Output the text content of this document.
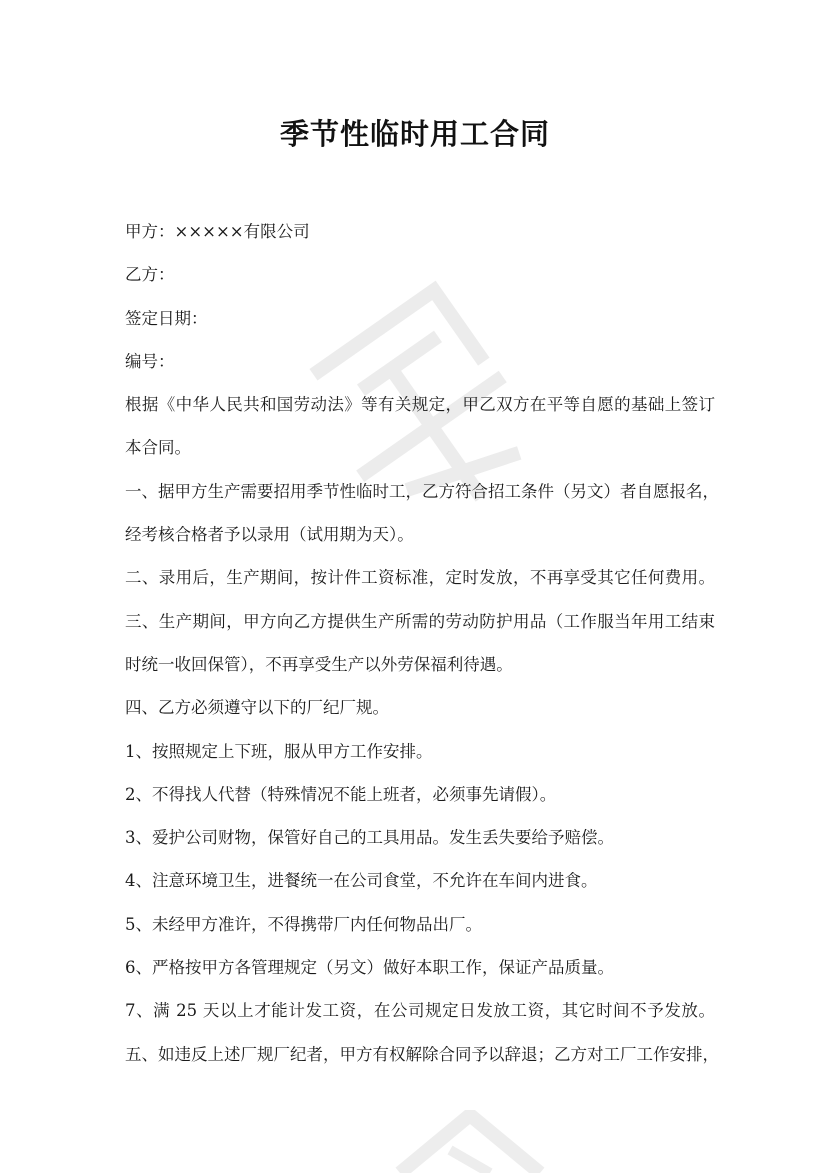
季节性临时用工合同
甲方：×××××有限公司
乙方：
签定日期：
编号：
根据《中华人民共和国劳动法》等有关规定，甲乙双方在平等自愿的基础上签订
本合同。
一、据甲方生产需要招用季节性临时工，乙方符合招工条件（另文）者自愿报名，
经考核合格者予以录用（试用期为天）。
二、录用后，生产期间，按计件工资标准，定时发放，不再享受其它任何费用。
三、生产期间，甲方向乙方提供生产所需的劳动防护用品（工作服当年用工结束
时统一收回保管），不再享受生产以外劳保福利待遇。
四、乙方必须遵守以下的厂纪厂规。
1、按照规定上下班，服从甲方工作安排。
2、不得找人代替（特殊情况不能上班者，必须事先请假）。
3、爱护公司财物，保管好自己的工具用品。发生丢失要给予赔偿。
4、注意环境卫生，进餐统一在公司食堂，不允许在车间内进食。
5、未经甲方准许，不得携带厂内任何物品出厂。
6、严格按甲方各管理规定（另文）做好本职工作，保证产品质量。
7、满 25 天以上才能计发工资，在公司规定日发放工资，其它时间不予发放。
五、如违反上述厂规厂纪者，甲方有权解除合同予以辞退；乙方对工厂工作安排，
